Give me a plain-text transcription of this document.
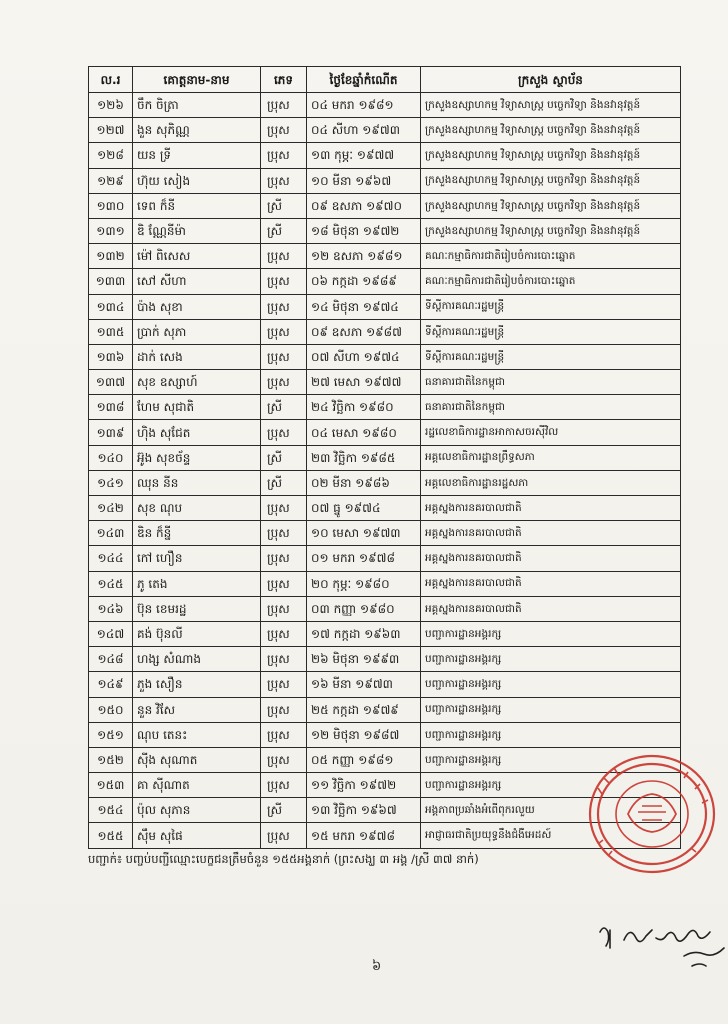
ល.រ	គោត្តនាម-នាម	ភេទ	ថ្ងៃខែឆ្នាំកំណើត	ក្រសួង ស្ថាប័ន
១២៦	ចឹក ចិត្រា	ប្រុស	០៤ មករា ១៩៨១	ក្រសួងឧស្សាហកម្ម វិទ្យាសាស្ត្រ បច្ចេកវិទ្យា និងនវានុវត្តន៍
១២៧	ងួន សុភិណ្ណ	ប្រុស	០៤ សីហា ១៩៧៣	ក្រសួងឧស្សាហកម្ម វិទ្យាសាស្ត្រ បច្ចេកវិទ្យា និងនវានុវត្តន៍
១២៨	យន ទ្រី	ប្រុស	១៣ កុម្ភៈ ១៩៧៧	ក្រសួងឧស្សាហកម្ម វិទ្យាសាស្ត្រ បច្ចេកវិទ្យា និងនវានុវត្តន៍
១២៩	ហ៊ុយ សៀង	ប្រុស	១០ មីនា ១៩៦៧	ក្រសួងឧស្សាហកម្ម វិទ្យាសាស្ត្រ បច្ចេកវិទ្យា និងនវានុវត្តន៍
១៣០	ទេព ក៏នី	ស្រី	០៩ ឧសភា ១៩៧០	ក្រសួងឧស្សាហកម្ម វិទ្យាសាស្ត្រ បច្ចេកវិទ្យា និងនវានុវត្តន៍
១៣១	ឌិ ណ្ណែនីម៉ា	ស្រី	១៨ មិថុនា ១៩៧២	ក្រសួងឧស្សាហកម្ម វិទ្យាសាស្ត្រ បច្ចេកវិទ្យា និងនវានុវត្តន៍
១៣២	ម៉ៅ ពិសេស	ប្រុស	១២ ឧសភា ១៩៨១	គណៈកម្មាធិការជាតិរៀបចំការបោះឆ្នោត
១៣៣	សៅ សីហា	ប្រុស	០៦ កក្កដា ១៩៨៩	គណៈកម្មាធិការជាតិរៀបចំការបោះឆ្នោត
១៣៤	ប៉ាង សុខា	ប្រុស	១៤ មិថុនា ១៩៧៤	ទីស្តីការគណៈរដ្ឋមន្ត្រី
១៣៥	ប្រាក់ សុភា	ប្រុស	០៩ ឧសភា ១៩៨៧	ទីស្តីការគណៈរដ្ឋមន្ត្រី
១៣៦	ដាក់ សេង	ប្រុស	០៧ សីហា ១៩៧៤	ទីស្តីការគណៈរដ្ឋមន្ត្រី
១៣៧	សុខ ឧស្សាហ៍	ប្រុស	២៧ មេសា ១៩៧៧	ធនាគារជាតិនៃកម្ពុជា
១៣៨	ហែម សុជាតិ	ស្រី	២៤ វិច្ឆិកា ១៩៨០	ធនាគារជាតិនៃកម្ពុជា
១៣៩	ហ៊ិង សុជែត	ប្រុស	០៤ មេសា ១៩៨០	រដ្ឋលេខាធិការដ្ឋានអាកាសចរស៊ីវិល
១៤០	អ៊ូង សុខច័ន្ទ	ស្រី	២៣ វិច្ឆិកា ១៩៨៥	អគ្គលេខាធិការដ្ឋានព្រឹទ្ធសភា
១៤១	ឈុន នីន	ស្រី	០២ មីនា ១៩៨៦	អគ្គលេខាធិការដ្ឋានរដ្ឋសភា
១៤២	សុខ ណុប	ប្រុស	០៧ ធ្នូ ១៩៧៤	អគ្គស្នងការនគរបាលជាតិ
១៤៣	ឌិន ក៏ន្នី	ប្រុស	១០ មេសា ១៩៧៣	អគ្គស្នងការនគរបាលជាតិ
១៤៤	កៅ ហឿន	ប្រុស	០១ មករា ១៩៧៨	អគ្គស្នងការនគរបាលជាតិ
១៤៥	ភូ តេង	ប្រុស	២០ កុម្ភៈ ១៩៨០	អគ្គស្នងការនគរបាលជាតិ
១៤៦	ប៊ុន ខេមរដ្ឋ	ប្រុស	០៣ កញ្ញា ១៩៨០	អគ្គស្នងការនគរបាលជាតិ
១៤៧	គង់ ប៊ុនលី	ប្រុស	១៧ កក្កដា ១៩៦៣	បញ្ជាការដ្ឋានអង្គរក្ស
១៤៨	ហង្ស សំណាង	ប្រុស	២៦ មិថុនា ១៩៩៣	បញ្ជាការដ្ឋានអង្គរក្ស
១៤៩	ភួង សឿន	ប្រុស	១៦ មីនា ១៩៧៣	បញ្ជាការដ្ឋានអង្គរក្ស
១៥០	នួន វិសែ	ប្រុស	២៥ កក្កដា ១៩៧៩	បញ្ជាការដ្ឋានអង្គរក្ស
១៥១	ណុប តេនះ	ប្រុស	១២ មិថុនា ១៩៨៧	បញ្ជាការដ្ឋានអង្គរក្ស
១៥២	ស៊ីង សុណាត	ប្រុស	០៥ កញ្ញា ១៩៨១	បញ្ជាការដ្ឋានអង្គរក្ស
១៥៣	គា ស៊ីណាត	ប្រុស	១១ វិច្ឆិកា ១៩៧២	បញ្ជាការដ្ឋានអង្គរក្ស
១៥៤	ប៉ុល សុភាន	ស្រី	១៣ វិច្ឆិកា ១៩៦៧	អង្គភាពប្រឆាំងអំពើពុករលួយ
១៥៥	ស៊ឹម សុផៃ	ប្រុស	១៥ មករា ១៩៧៨	អាជ្ញាធរជាតិប្រយុទ្ធនឹងជំងឺអេដស៍
បញ្ជាក់៖ បញ្ចប់បញ្ជីឈ្មោះបេក្ខជនត្រឹមចំនួន ១៥៥អង្គនាក់ (ព្រះសង្ឃ ៣ អង្គ /ស្រី ៣៧ នាក់)
៦
